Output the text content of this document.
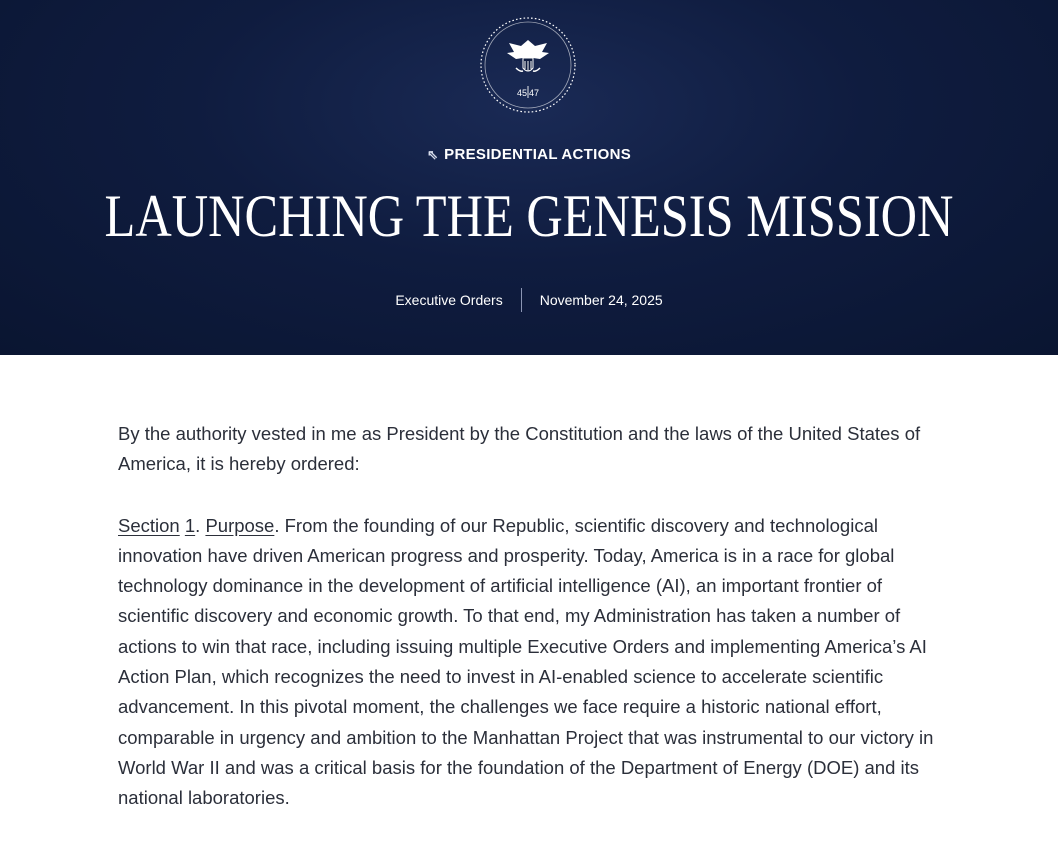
45 47
⇖ PRESIDENTIAL ACTIONS
LAUNCHING THE GENESIS MISSION
Executive Orders	November 24, 2025

By the authority vested in me as President by the Constitution and the laws of the United States of America, it is hereby ordered:

Section 1. Purpose. From the founding of our Republic, scientific discovery and technological innovation have driven American progress and prosperity. Today, America is in a race for global technology dominance in the development of artificial intelligence (AI), an important frontier of scientific discovery and economic growth. To that end, my Administration has taken a number of actions to win that race, including issuing multiple Executive Orders and implementing America’s AI Action Plan, which recognizes the need to invest in AI-enabled science to accelerate scientific advancement. In this pivotal moment, the challenges we face require a historic national effort, comparable in urgency and ambition to the Manhattan Project that was instrumental to our victory in World War II and was a critical basis for the foundation of the Department of Energy (DOE) and its national laboratories.
